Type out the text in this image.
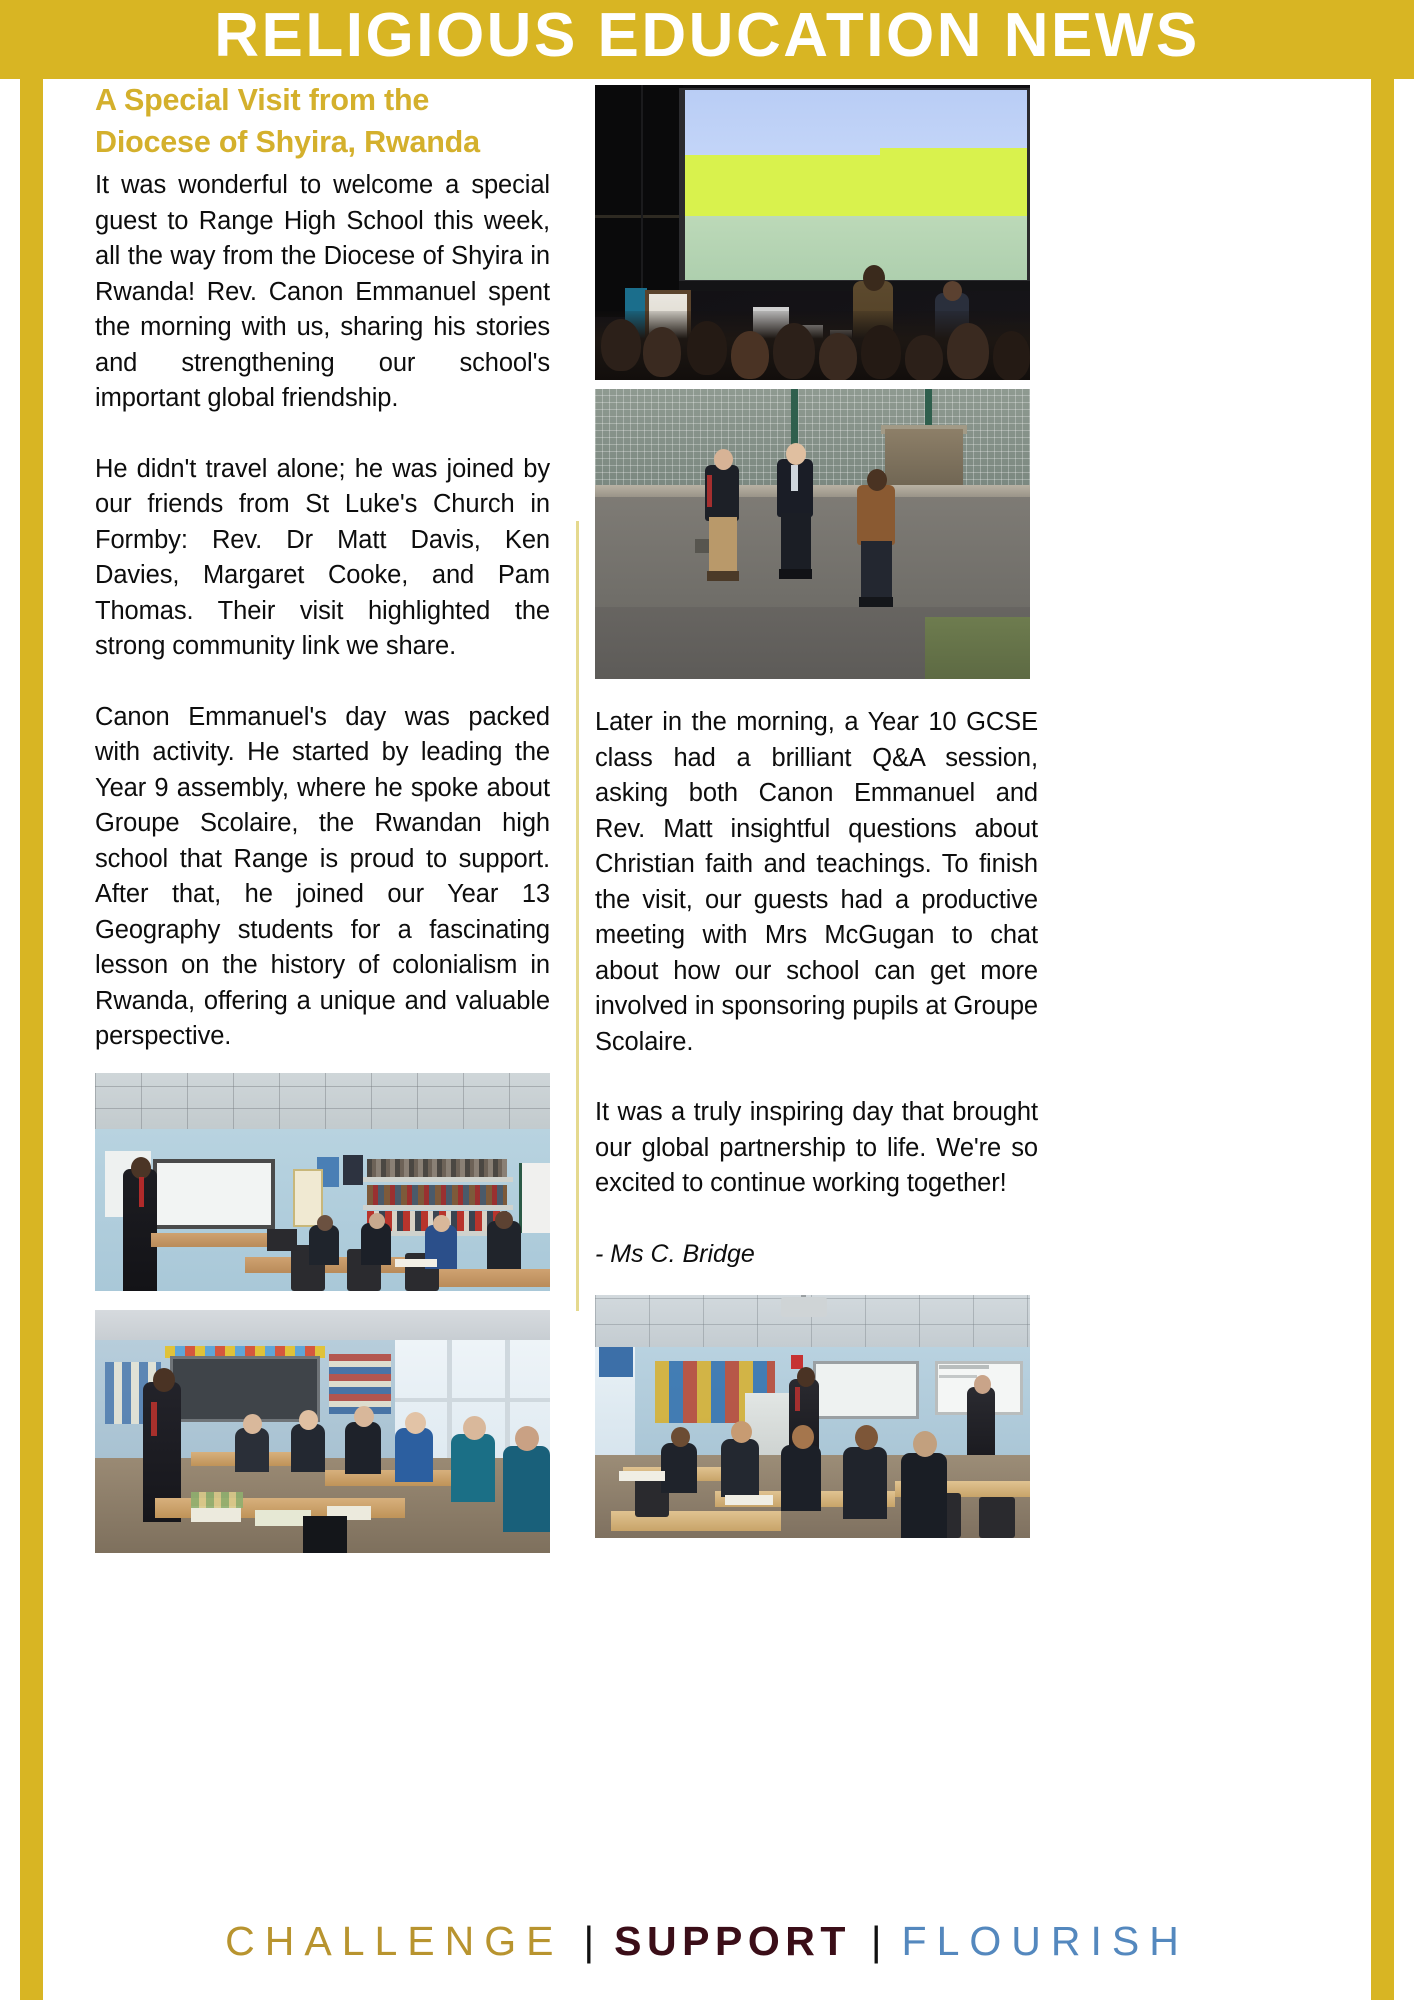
RELIGIOUS EDUCATION NEWS
A Special Visit from the Diocese of Shyira, Rwanda
It was wonderful to welcome a special guest to Range High School this week, all the way from the Diocese of Shyira in Rwanda! Rev. Canon Emmanuel spent the morning with us, sharing his stories and strengthening our school's important global friendship.
He didn't travel alone; he was joined by our friends from St Luke's Church in Formby: Rev. Dr Matt Davis, Ken Davies, Margaret Cooke, and Pam Thomas. Their visit highlighted the strong community link we share.
Canon Emmanuel's day was packed with activity. He started by leading the Year 9 assembly, where he spoke about Groupe Scolaire, the Rwandan high school that Range is proud to support. After that, he joined our Year 13 Geography students for a fascinating lesson on the history of colonialism in Rwanda, offering a unique and valuable perspective.
Later in the morning, a Year 10 GCSE class had a brilliant Q&A session, asking both Canon Emmanuel and Rev. Matt insightful questions about Christian faith and teachings. To finish the visit, our guests had a productive meeting with Mrs McGugan to chat about how our school can get more involved in sponsoring pupils at Groupe Scolaire.
It was a truly inspiring day that brought our global partnership to life. We're so excited to continue working together!
- Ms C. Bridge
CHALLENGE | SUPPORT | FLOURISH
